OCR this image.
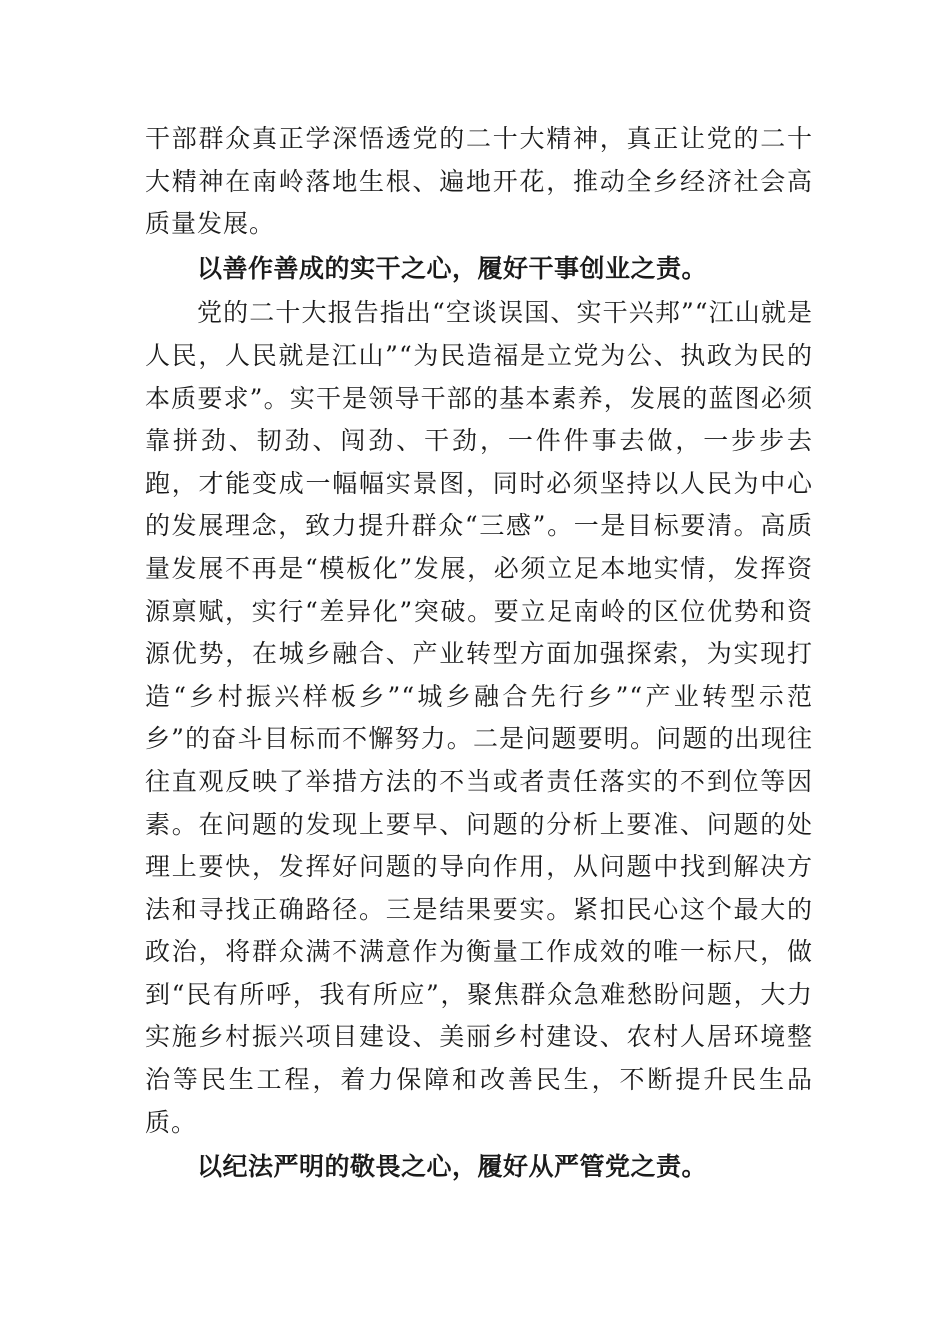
干部群众真正学深悟透党的二十大精神，真正让党的二十大精神在南岭落地生根、遍地开花，推动全乡经济社会高质量发展。

以善作善成的实干之心，履好干事创业之责。

党的二十大报告指出“空谈误国、实干兴邦”“江山就是人民，人民就是江山”“为民造福是立党为公、执政为民的本质要求”。实干是领导干部的基本素养，发展的蓝图必须靠拼劲、韧劲、闯劲、干劲，一件件事去做，一步步去跑，才能变成一幅幅实景图，同时必须坚持以人民为中心的发展理念，致力提升群众“三感”。一是目标要清。高质量发展不再是“模板化”发展，必须立足本地实情，发挥资源禀赋，实行“差异化”突破。要立足南岭的区位优势和资源优势，在城乡融合、产业转型方面加强探索，为实现打造“乡村振兴样板乡”“城乡融合先行乡”“产业转型示范乡”的奋斗目标而不懈努力。二是问题要明。问题的出现往往直观反映了举措方法的不当或者责任落实的不到位等因素。在问题的发现上要早、问题的分析上要准、问题的处理上要快，发挥好问题的导向作用，从问题中找到解决方法和寻找正确路径。三是结果要实。紧扣民心这个最大的政治，将群众满不满意作为衡量工作成效的唯一标尺，做到“民有所呼，我有所应”，聚焦群众急难愁盼问题，大力实施乡村振兴项目建设、美丽乡村建设、农村人居环境整治等民生工程，着力保障和改善民生，不断提升民生品质。

以纪法严明的敬畏之心，履好从严管党之责。
